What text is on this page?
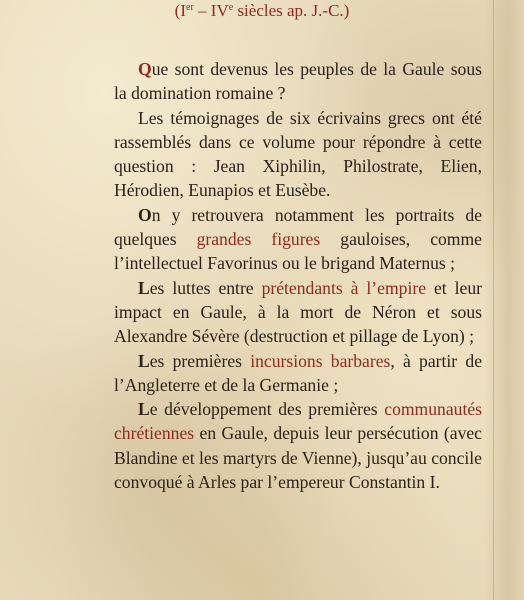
(Ier – IVe siècles ap. J.-C.)

Que sont devenus les peuples de la Gaule sous la domination romaine ?

Les témoignages de six écrivains grecs ont été rassemblés dans ce volume pour répondre à cette question : Jean Xiphilin, Philostrate, Elien, Hérodien, Eunapios et Eusèbe.

On y retrouvera notamment les portraits de quelques grandes figures gauloises, comme l’intellectuel Favorinus ou le brigand Maternus ;

Les luttes entre prétendants à l’empire et leur impact en Gaule, à la mort de Néron et sous Alexandre Sévère (destruction et pillage de Lyon) ;

Les premières incursions barbares, à partir de l’Angleterre et de la Germanie ;

Le développement des premières communautés chrétiennes en Gaule, depuis leur persécution (avec Blandine et les martyrs de Vienne), jusqu’au concile convoqué à Arles par l’empereur Constantin I.
